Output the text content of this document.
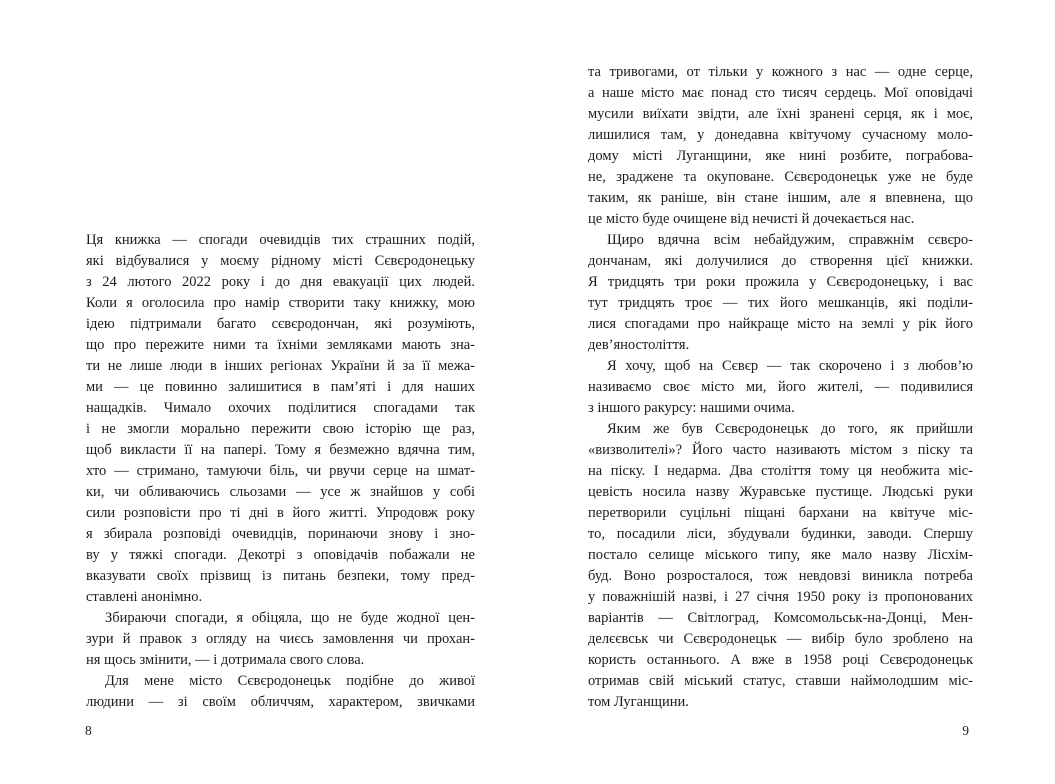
Ця книжка — спогади очевидців тих страшних подій,
які відбувалися у моєму рідному місті Сєвєродонецьку
з 24 лютого 2022 року і до дня евакуації цих людей.
Коли я оголосила про намір створити таку книжку, мою
ідею підтримали багато сєвєродончан, які розуміють,
що про пережите ними та їхніми земляками мають зна-
ти не лише люди в інших регіонах України й за її межа-
ми — це повинно залишитися в пам’яті і для наших
нащадків. Чимало охочих поділитися спогадами так
і не змогли морально пережити свою історію ще раз,
щоб викласти її на папері. Тому я безмежно вдячна тим,
хто — стримано, тамуючи біль, чи рвучи серце на шмат-
ки, чи обливаючись сльозами — усе ж знайшов у собі
сили розповісти про ті дні в його житті. Упродовж року
я збирала розповіді очевидців, поринаючи знову і зно-
ву у тяжкі спогади. Декотрі з оповідачів побажали не
вказувати своїх прізвищ із питань безпеки, тому пред-
ставлені анонімно.
Збираючи спогади, я обіцяла, що не буде жодної цен-
зури й правок з огляду на чиєсь замовлення чи прохан-
ня щось змінити, — і дотримала свого слова.
Для мене місто Сєвєродонецьк подібне до живої
людини — зі своїм обличчям, характером, звичками
та тривогами, от тільки у кожного з нас — одне серце,
а наше місто має понад сто тисяч сердець. Мої оповідачі
мусили виїхати звідти, але їхні зранені серця, як і моє,
лишилися там, у донедавна квітучому сучасному моло-
дому місті Луганщини, яке нині розбите, пограбова-
не, зраджене та окуповане. Сєвєродонецьк уже не буде
таким, як раніше, він стане іншим, але я впевнена, що
це місто буде очищене від нечисті й дочекається нас.
Щиро вдячна всім небайдужим, справжнім сєвєро-
дончанам, які долучилися до створення цієї книжки.
Я тридцять три роки прожила у Сєвєродонецьку, і вас
тут тридцять троє — тих його мешканців, які поділи-
лися спогадами про найкраще місто на землі у рік його
дев’яностоліття.
Я хочу, щоб на Сєвєр — так скорочено і з любов’ю
називаємо своє місто ми, його жителі, — подивилися
з іншого ракурсу: нашими очима.
Яким же був Сєвєродонецьк до того, як прийшли
«визволителі»? Його часто називають містом з піску та
на піску. І недарма. Два століття тому ця необжита міс-
цевість носила назву Журавське пустище. Людські руки
перетворили суцільні піщані бархани на квітуче міс-
то, посадили ліси, збудували будинки, заводи. Спершу
постало селище міського типу, яке мало назву Лісхім-
буд. Воно розросталося, тож невдовзі виникла потреба
у поважнішій назві, і 27 січня 1950 року із пропонованих
варіантів — Світлоград, Комсомольськ-на-Донці, Мен-
делєєвськ чи Сєвєродонецьк — вибір було зроблено на
користь останнього. А вже в 1958 році Сєвєродонецьк
отримав свій міський статус, ставши наймолодшим міс-
том Луганщини.
8	9
